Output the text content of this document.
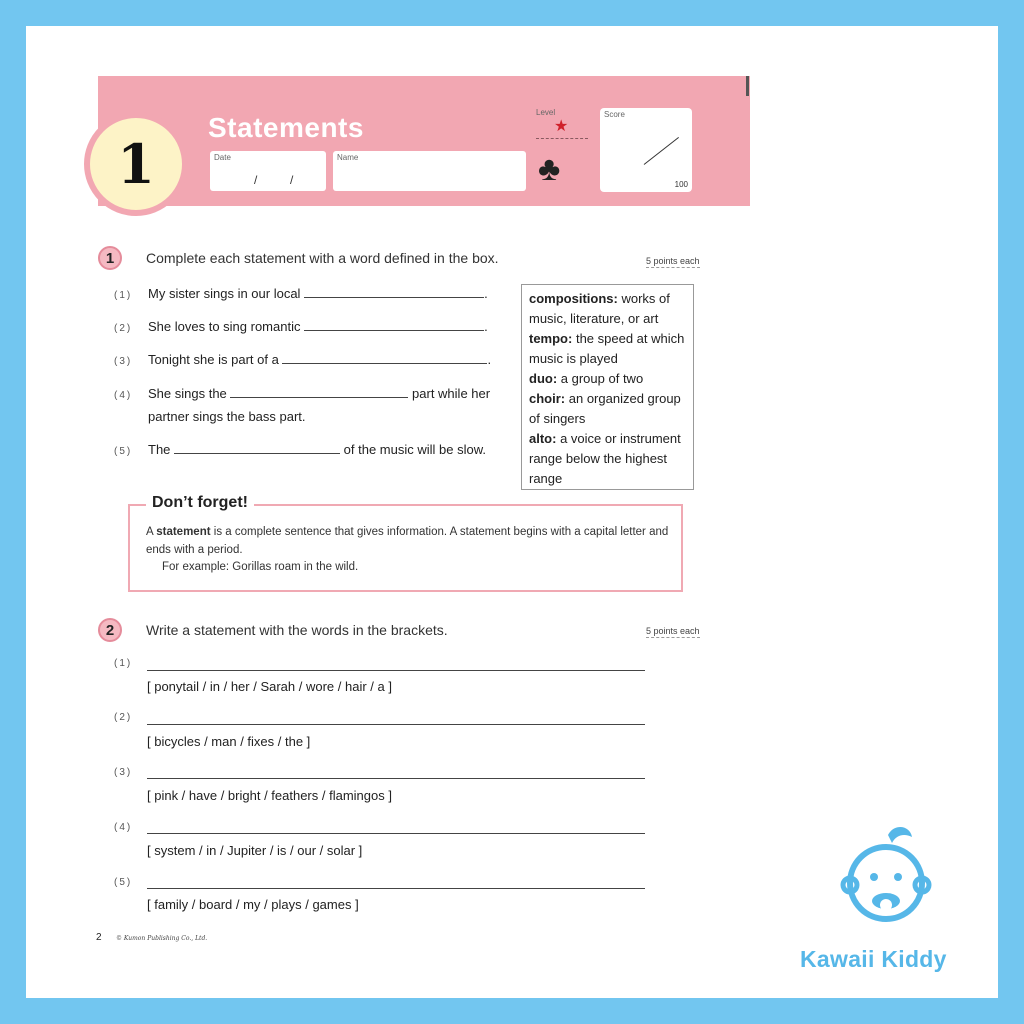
1
Statements
Date
/	/
Name
Level
★
♣
Score
100
1	Complete each statement with a word defined in the box.	5 points each
(1) My sister sings in our local	.
(2) She loves to sing romantic	.
(3) Tonight she is part of a	.
(4) She sings the	part while her
partner sings the bass part.
(5) The	of the music will be slow.
compositions: works of music, literature, or art
tempo: the speed at which music is played
duo: a group of two
choir: an organized group of singers
alto: a voice or instrument range below the highest range
Don’t forget!
A statement is a complete sentence that gives information. A statement begins with a capital letter and ends with a period.
For example: Gorillas roam in the wild.
2	Write a statement with the words in the brackets.	5 points each
(1)
[ ponytail / in / her / Sarah / wore / hair / a ]
(2)
[ bicycles / man / fixes / the ]
(3)
[ pink / have / bright / feathers / flamingos ]
(4)
[ system / in / Jupiter / is / our / solar ]
(5)
[ family / board / my / plays / games ]
2 © Kumon Publishing Co., Ltd.
Kawaii Kiddy
